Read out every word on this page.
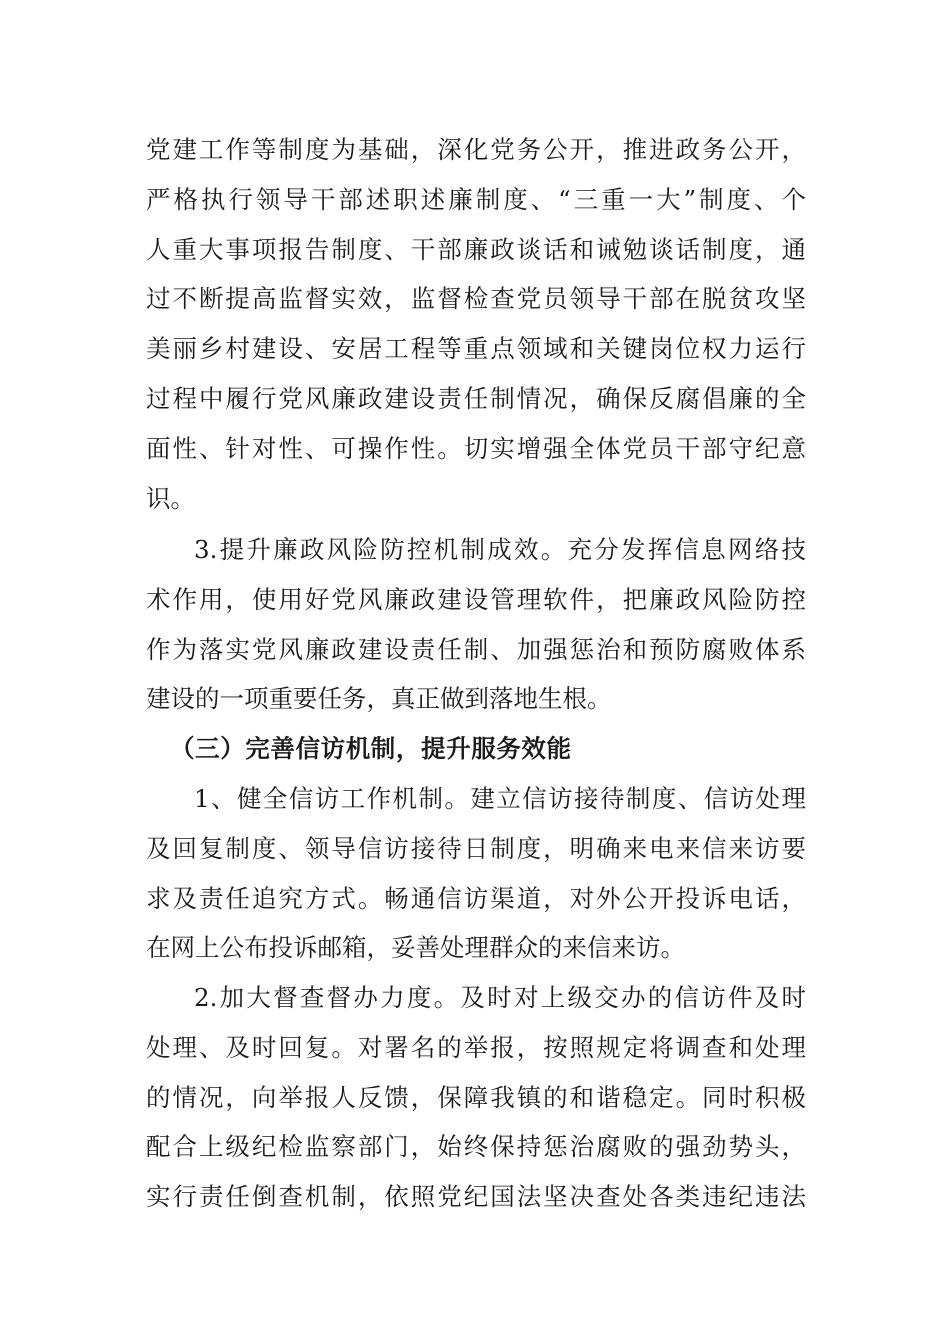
党建工作等制度为基础，深化党务公开，推进政务公开，
严格执行领导干部述职述廉制度、“三重一大”制度、个
人重大事项报告制度、干部廉政谈话和诫勉谈话制度，通
过不断提高监督实效，监督检查党员领导干部在脱贫攻坚
美丽乡村建设、安居工程等重点领域和关键岗位权力运行
过程中履行党风廉政建设责任制情况，确保反腐倡廉的全
面性、针对性、可操作性。切实增强全体党员干部守纪意
识。
3.提升廉政风险防控机制成效。充分发挥信息网络技
术作用，使用好党风廉政建设管理软件，把廉政风险防控
作为落实党风廉政建设责任制、加强惩治和预防腐败体系
建设的一项重要任务，真正做到落地生根。
（三）完善信访机制，提升服务效能
1、健全信访工作机制。建立信访接待制度、信访处理
及回复制度、领导信访接待日制度，明确来电来信来访要
求及责任追究方式。畅通信访渠道，对外公开投诉电话，
在网上公布投诉邮箱，妥善处理群众的来信来访。
2.加大督查督办力度。及时对上级交办的信访件及时
处理、及时回复。对署名的举报，按照规定将调查和处理
的情况，向举报人反馈，保障我镇的和谐稳定。同时积极
配合上级纪检监察部门，始终保持惩治腐败的强劲势头，
实行责任倒查机制，依照党纪国法坚决查处各类违纪违法
